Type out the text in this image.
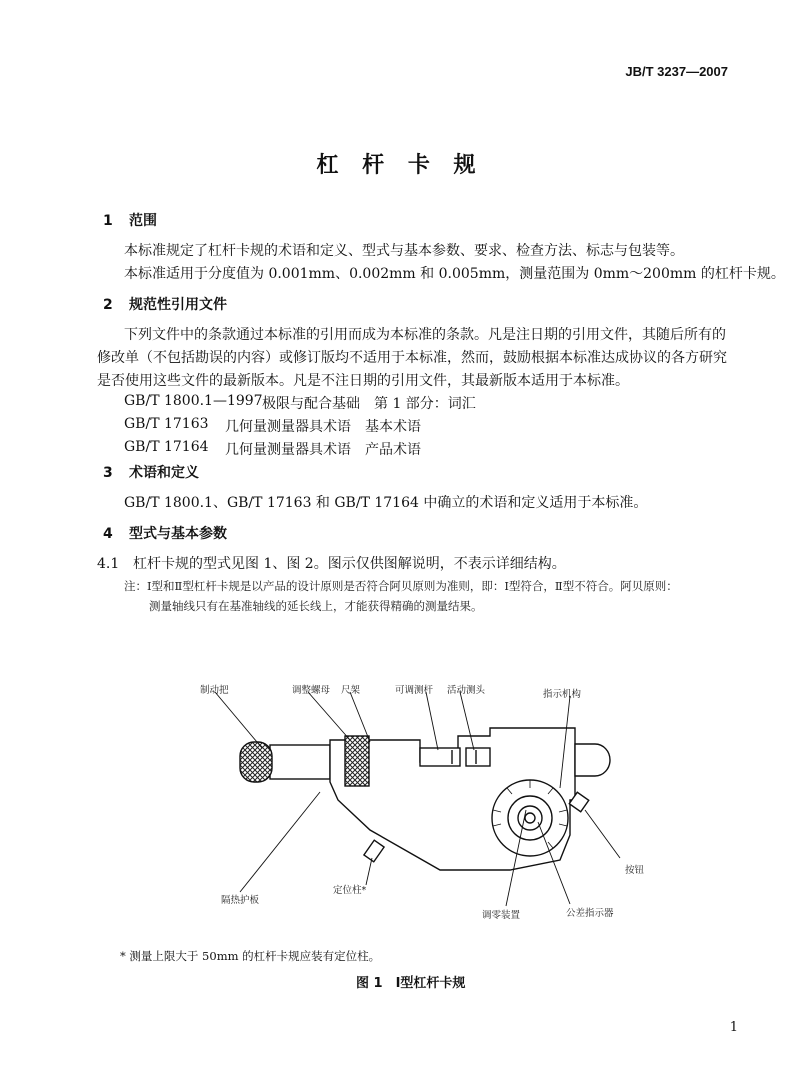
JB/T 3237—2007
杠 杆 卡 规
1 范围
本标准规定了杠杆卡规的术语和定义、型式与基本参数、要求、检查方法、标志与包装等。
本标准适用于分度值为 0.001mm、0.002mm 和 0.005mm，测量范围为 0mm～200mm 的杠杆卡规。
2 规范性引用文件
下列文件中的条款通过本标准的引用而成为本标准的条款。凡是注日期的引用文件，其随后所有的
修改单（不包括勘误的内容）或修订版均不适用于本标准，然而，鼓励根据本标准达成协议的各方研究
是否使用这些文件的最新版本。凡是不注日期的引用文件，其最新版本适用于本标准。
GB/T 1800.1—1997 极限与配合基础　第 1 部分：词汇
GB/T 17163 几何量测量器具术语　基本术语
GB/T 17164 几何量测量器具术语　产品术语
3 术语和定义
GB/T 1800.1、GB/T 17163 和 GB/T 17164 中确立的术语和定义适用于本标准。
4 型式与基本参数
4.1 杠杆卡规的型式见图 1、图 2。图示仅供图解说明，不表示详细结构。
注：Ⅰ型和Ⅱ型杠杆卡规是以产品的设计原则是否符合阿贝原则为准则，即：Ⅰ型符合，Ⅱ型不符合。阿贝原则：
测量轴线只有在基准轴线的延长线上，才能获得精确的测量结果。
制动把	调整螺母 尺架	可调测杆 活动测头	指示机构
按钮
定位柱*
隔热护板
调零装置	公差指示器
* 测量上限大于 50mm 的杠杆卡规应装有定位柱。
图 1　Ⅰ型杠杆卡规
1
